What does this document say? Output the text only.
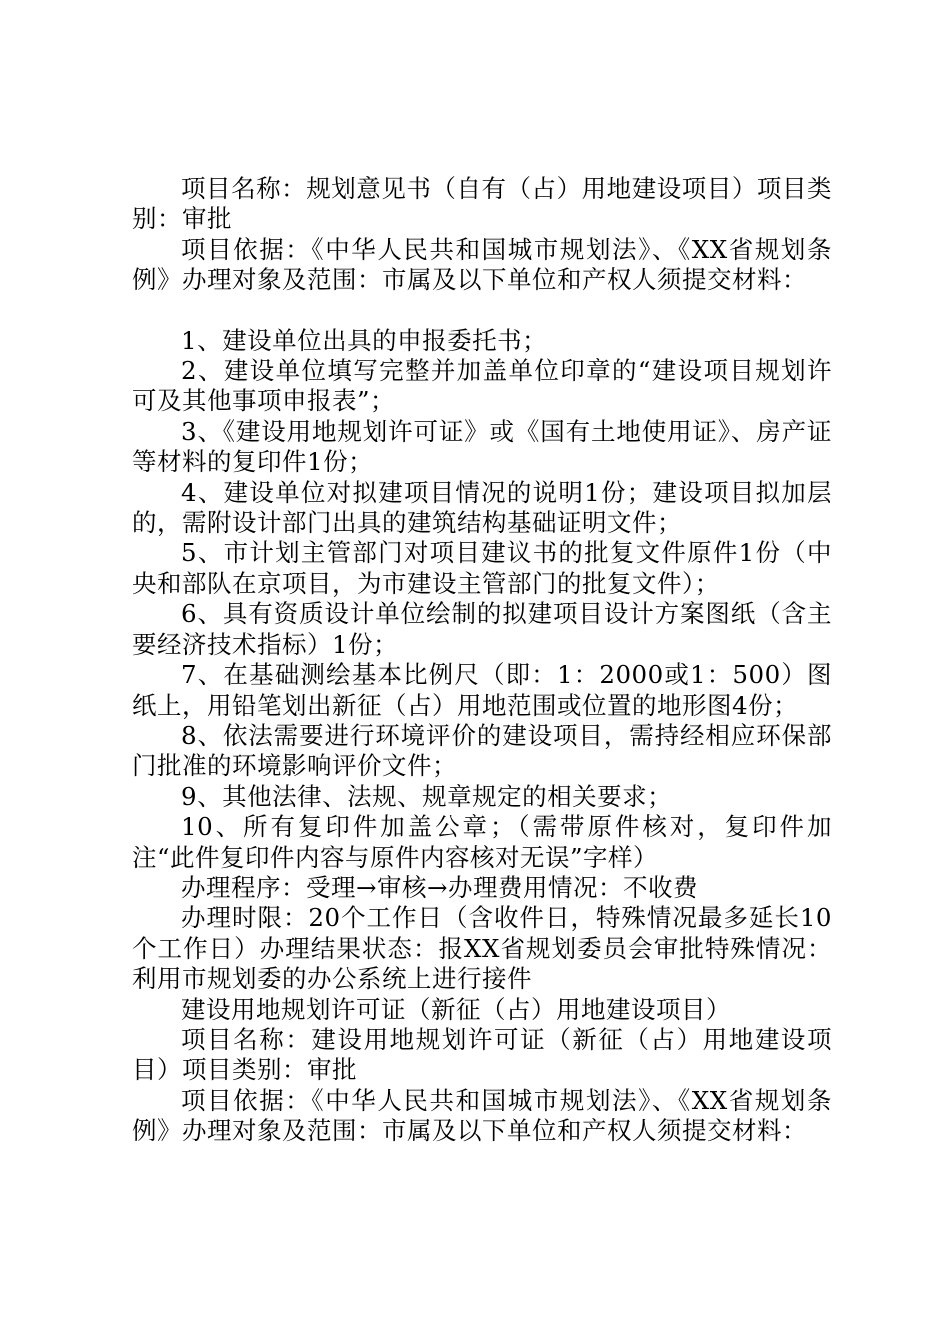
项目名称：规划意见书（自有（占）用地建设项目）项目类别：审批

项目依据：《中华人民共和国城市规划法》、《XX省规划条例》办理对象及范围：市属及以下单位和产权人须提交材料：

1、建设单位出具的申报委托书；

2、建设单位填写完整并加盖单位印章的“建设项目规划许可及其他事项申报表”；

3、《建设用地规划许可证》或《国有土地使用证》、房产证等材料的复印件1份；

4、建设单位对拟建项目情况的说明1份；建设项目拟加层的，需附设计部门出具的建筑结构基础证明文件；

5、市计划主管部门对项目建议书的批复文件原件1份（中央和部队在京项目，为市建设主管部门的批复文件）；

6、具有资质设计单位绘制的拟建项目设计方案图纸（含主要经济技术指标）1份；

7、在基础测绘基本比例尺（即：1：2000或1：500）图纸上，用铅笔划出新征（占）用地范围或位置的地形图4份；

8、依法需要进行环境评价的建设项目，需持经相应环保部门批准的环境影响评价文件；

9、其他法律、法规、规章规定的相关要求；

10、所有复印件加盖公章；（需带原件核对，复印件加注“此件复印件内容与原件内容核对无误”字样）

办理程序：受理→审核→办理费用情况：不收费

办理时限：20个工作日（含收件日，特殊情况最多延长10个工作日）办理结果状态：报XX省规划委员会审批特殊情况：利用市规划委的办公系统上进行接件

建设用地规划许可证（新征（占）用地建设项目）

项目名称：建设用地规划许可证（新征（占）用地建设项目）项目类别：审批

项目依据：《中华人民共和国城市规划法》、《XX省规划条例》办理对象及范围：市属及以下单位和产权人须提交材料：
